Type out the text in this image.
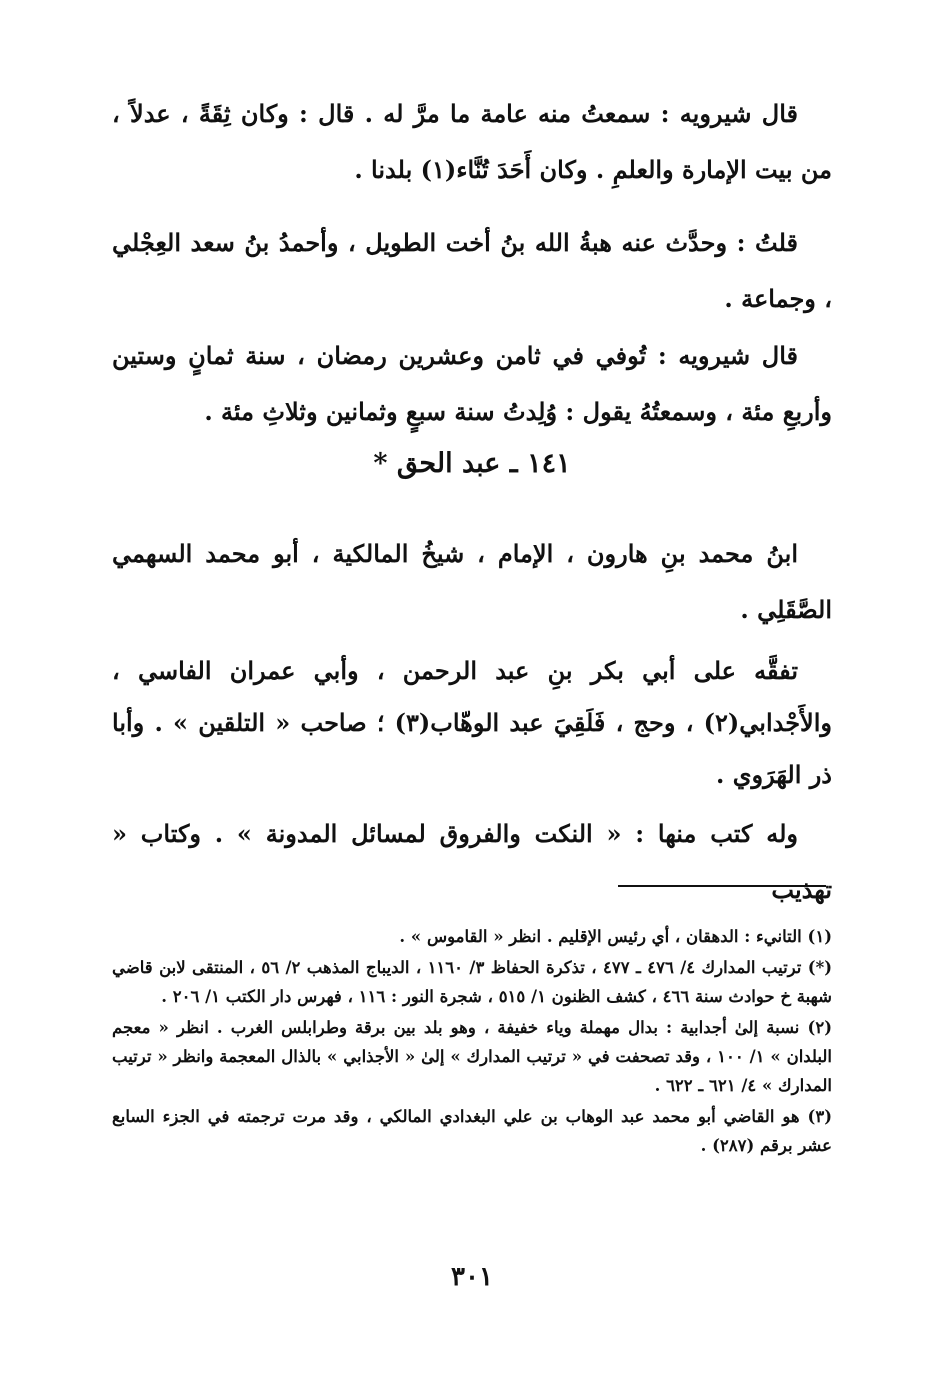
قال شيرويه : سمعتُ منه عامة ما مرَّ له . قال : وكان ثِقَةً ، عدلاً ، من بيت الإمارة والعلمِ . وكان أَحَدَ تُنَّاء(١) بلدنا .

قلتُ : وحدَّث عنه هبةُ الله بنُ أخت الطويل ، وأحمدُ بنُ سعد العِجْلي ، وجماعة .

قال شيرويه : تُوفي في ثامن وعشرين رمضان ، سنة ثمانٍ وستين وأربعِ مئة ، وسمعتُهُ يقول : وُلِدتُ سنة سبعٍ وثمانين وثلاثِ مئة .

١٤١ ـ عبد الحق *

ابنُ محمد بنِ هارون ، الإمام ، شيخُ المالكية ، أبو محمد السهمي الصَّقَلِي .

تفقَّه على أبي بكر بنِ عبد الرحمن ، وأبي عمران الفاسي ، والأَجْدابي(٢) ، وحج ، فَلَقِيَ عبد الوهّاب(٣) ؛ صاحب « التلقين » . وأبا ذر الهَرَوي .

وله كتب منها : « النكت والفروق لمسائل المدونة » . وكتاب « تهذيب

(١) التانيء : الدهقان ، أي رئيس الإقليم . انظر « القاموس » .

(*) ترتيب المدارك ٤/ ٤٧٦ ـ ٤٧٧ ، تذكرة الحفاظ ٣/ ١١٦٠ ، الديباج المذهب ٢/ ٥٦ ، المنتقى لابن قاضي شهبة خ حوادث سنة ٤٦٦ ، كشف الظنون ١/ ٥١٥ ، شجرة النور : ١١٦ ، فهرس دار الكتب ١/ ٢٠٦ .

(٢) نسبة إلىٰ أجدابية : بدال مهملة وياء خفيفة ، وهو بلد بين برقة وطرابلس الغرب . انظر « معجم البلدان » ١/ ١٠٠ ، وقد تصحفت في « ترتيب المدارك » إلىٰ « الأجذابي » بالذال المعجمة وانظر « ترتيب المدارك » ٤/ ٦٢١ ـ ٦٢٢ .

(٣) هو القاضي أبو محمد عبد الوهاب بن علي البغدادي المالكي ، وقد مرت ترجمته في الجزء السابع عشر برقم (٢٨٧) .

٣٠١
